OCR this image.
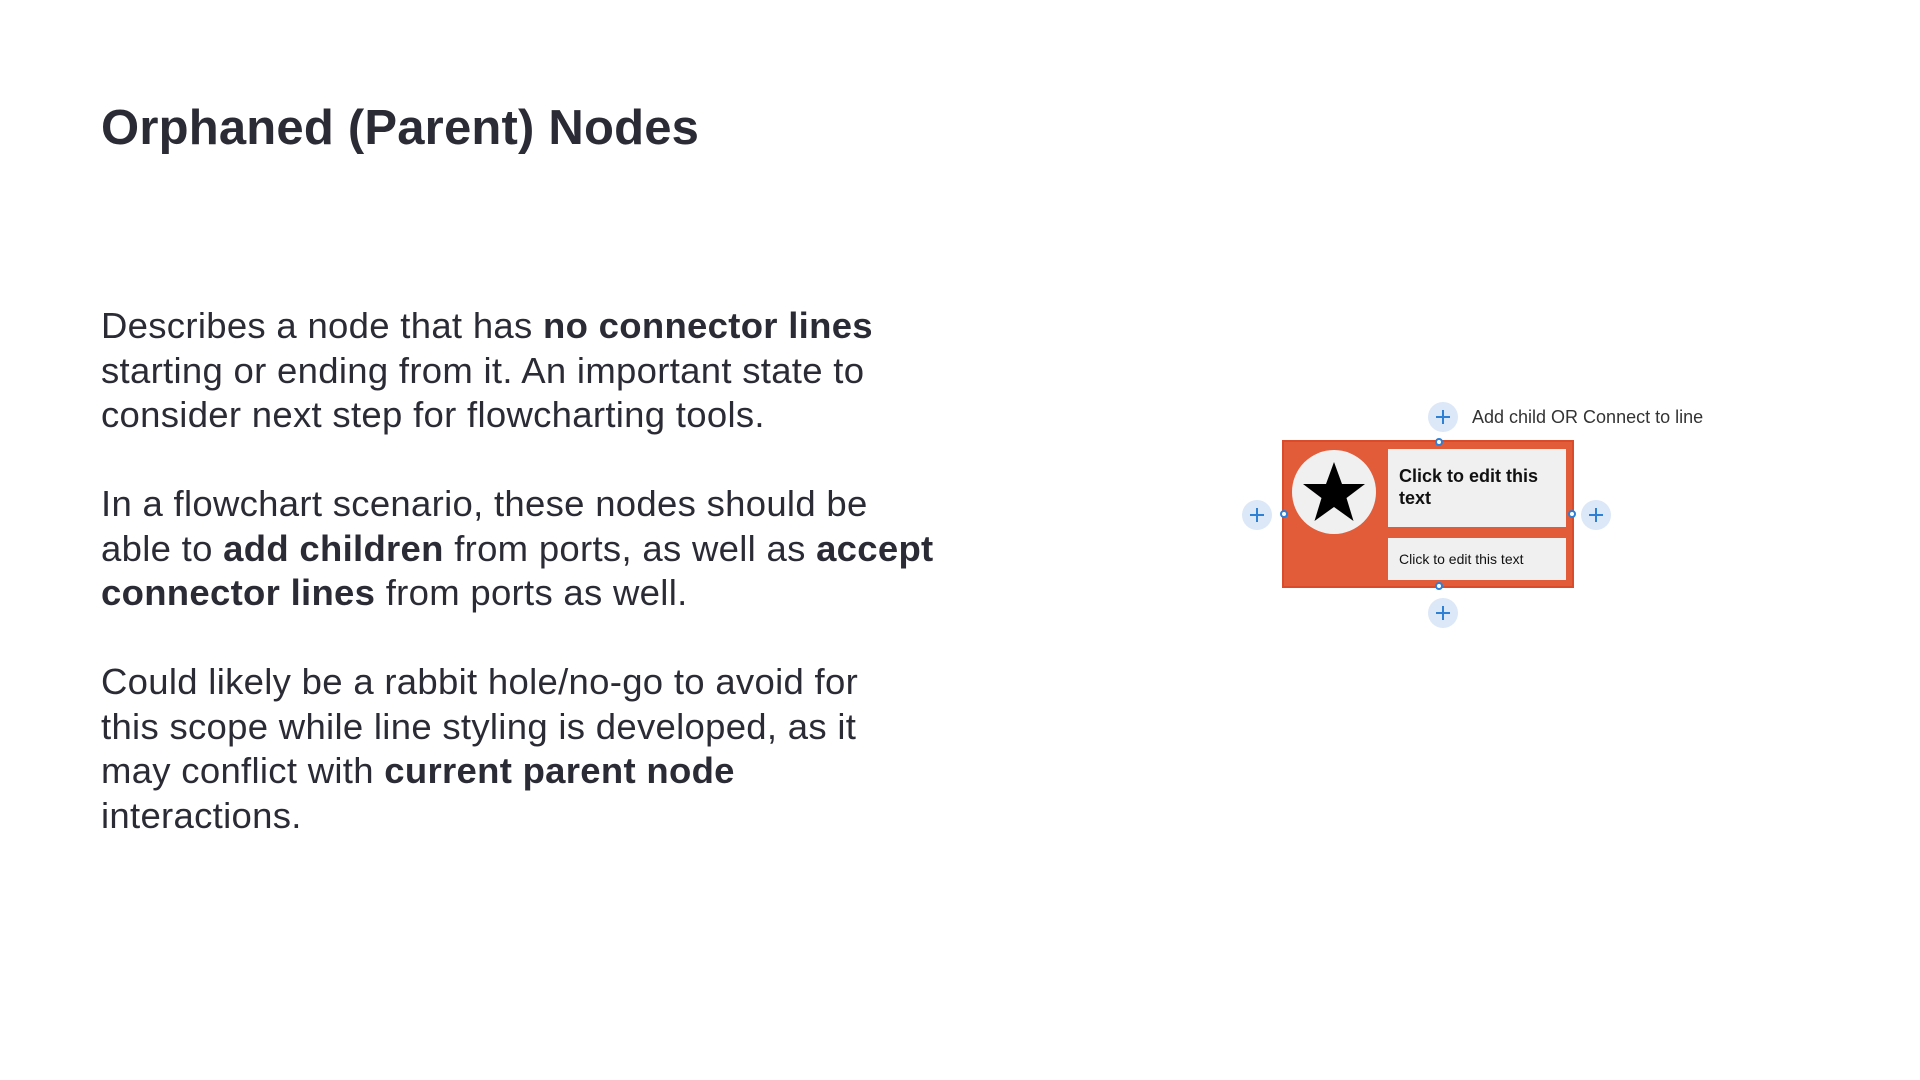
Orphaned (Parent) Nodes

Describes a node that has no connector lines
starting or ending from it. An important state to
consider next step for flowcharting tools.

In a flowchart scenario, these nodes should be
able to add children from ports, as well as accept
connector lines from ports as well.

Could likely be a rabbit hole/no-go to avoid for
this scope while line styling is developed, as it
may conflict with current parent node
interactions.

Add child OR Connect to line
Click to edit this text
Click to edit this text
